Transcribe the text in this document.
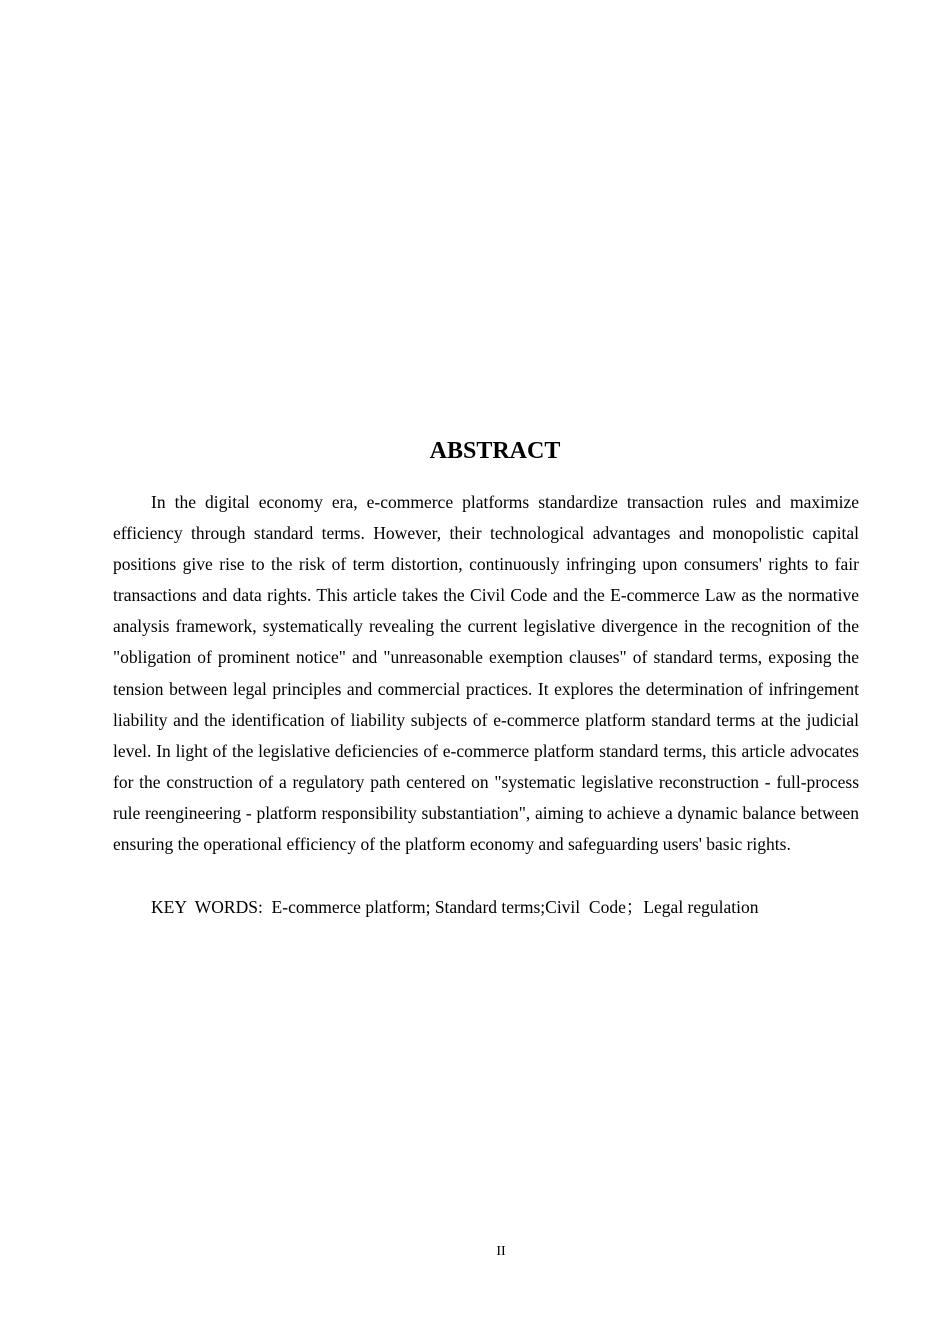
ABSTRACT

In the digital economy era, e-commerce platforms standardize transaction rules and maximize efficiency through standard terms. However, their technological advantages and monopolistic capital positions give rise to the risk of term distortion, continuously infringing upon consumers' rights to fair transactions and data rights. This article takes the Civil Code and the E-commerce Law as the normative analysis framework, systematically revealing the current legislative divergence in the recognition of the "obligation of prominent notice" and "unreasonable exemption clauses" of standard terms, exposing the tension between legal principles and commercial practices. It explores the determination of infringement liability and the identification of liability subjects of e-commerce platform standard terms at the judicial level. In light of the legislative deficiencies of e-commerce platform standard terms, this article advocates for the construction of a regulatory path centered on "systematic legislative reconstruction - full-process rule reengineering - platform responsibility substantiation", aiming to achieve a dynamic balance between ensuring the operational efficiency of the platform economy and safeguarding users' basic rights.

KEY  WORDS:  E-commerce platform; Standard terms;Civil  Code；Legal regulation

II
